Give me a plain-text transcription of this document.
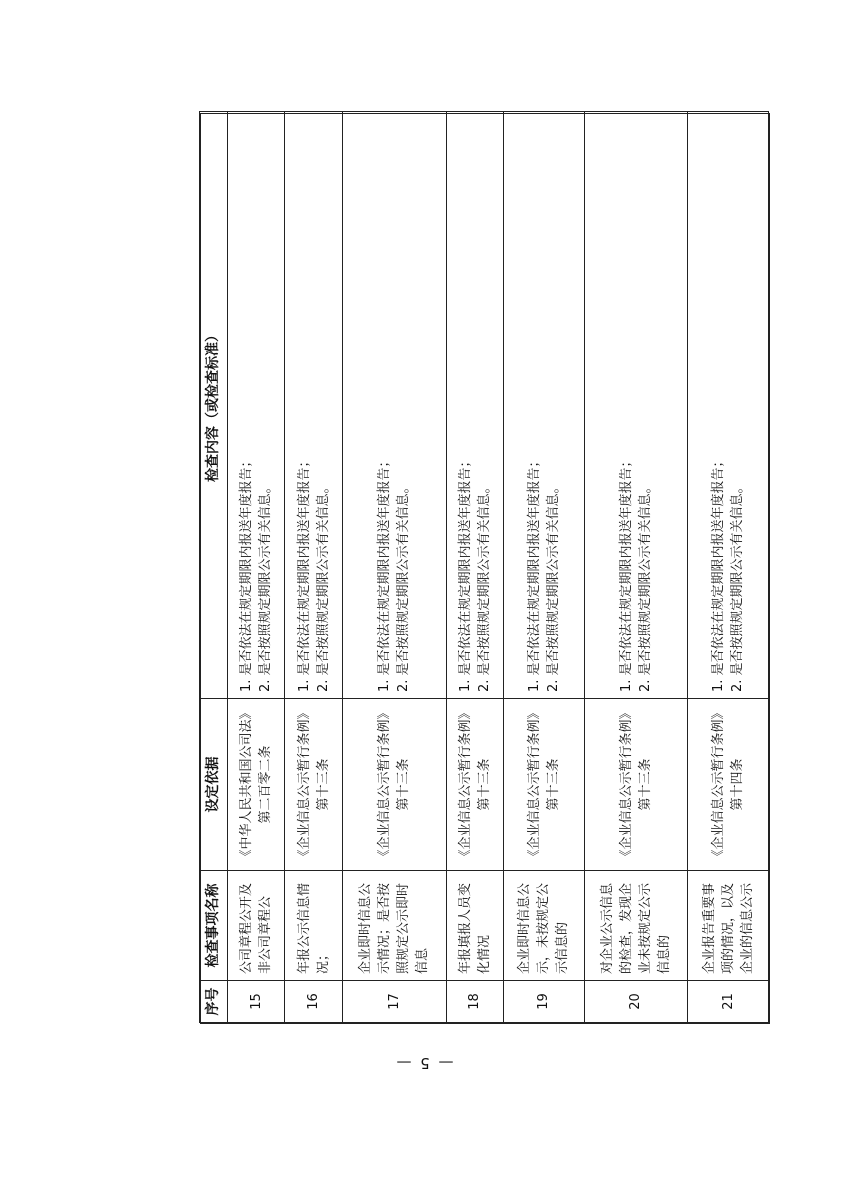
序号	检查事项名称	设定依据	检查内容（或检查标准）
15	公司章程公开及非公司章程公	《中华人民共和国公司法》第二百零二条	1. 是否依法在规定期限内报送年度报告； 2. 是否按照规定期限公示有关信息。

16	年报公示信息情况；	《企业信息公示暂行条例》第十三条	1. 是否依法在规定期限内报送年度报告； 2. 是否按照规定期限公示有关信息。

17	企业即时信息公示情况；是否按照规定公示即时信息	《企业信息公示暂行条例》第十三条	1. 是否依法在规定期限内报送年度报告； 2. 是否按照规定期限公示有关信息。

18	年报填报人员变化情况	《企业信息公示暂行条例》第十三条	1. 是否依法在规定期限内报送年度报告； 2. 是否按照规定期限公示有关信息。

19	企业即时信息公示，未按规定公示信息的	《企业信息公示暂行条例》第十三条	1. 是否依法在规定期限内报送年度报告； 2. 是否按照规定期限公示有关信息。

20	对企业公示信息的检查，发现企业未按规定公示信息的	《企业信息公示暂行条例》第十三条	1. 是否依法在规定期限内报送年度报告； 2. 是否按照规定期限公示有关信息。

21	企业报告重要事项的情况，以及企业的信息公示	《企业信息公示暂行条例》第十四条	1. 是否依法在规定期限内报送年度报告； 2. 是否按照规定期限公示有关信息。

— 5 —
